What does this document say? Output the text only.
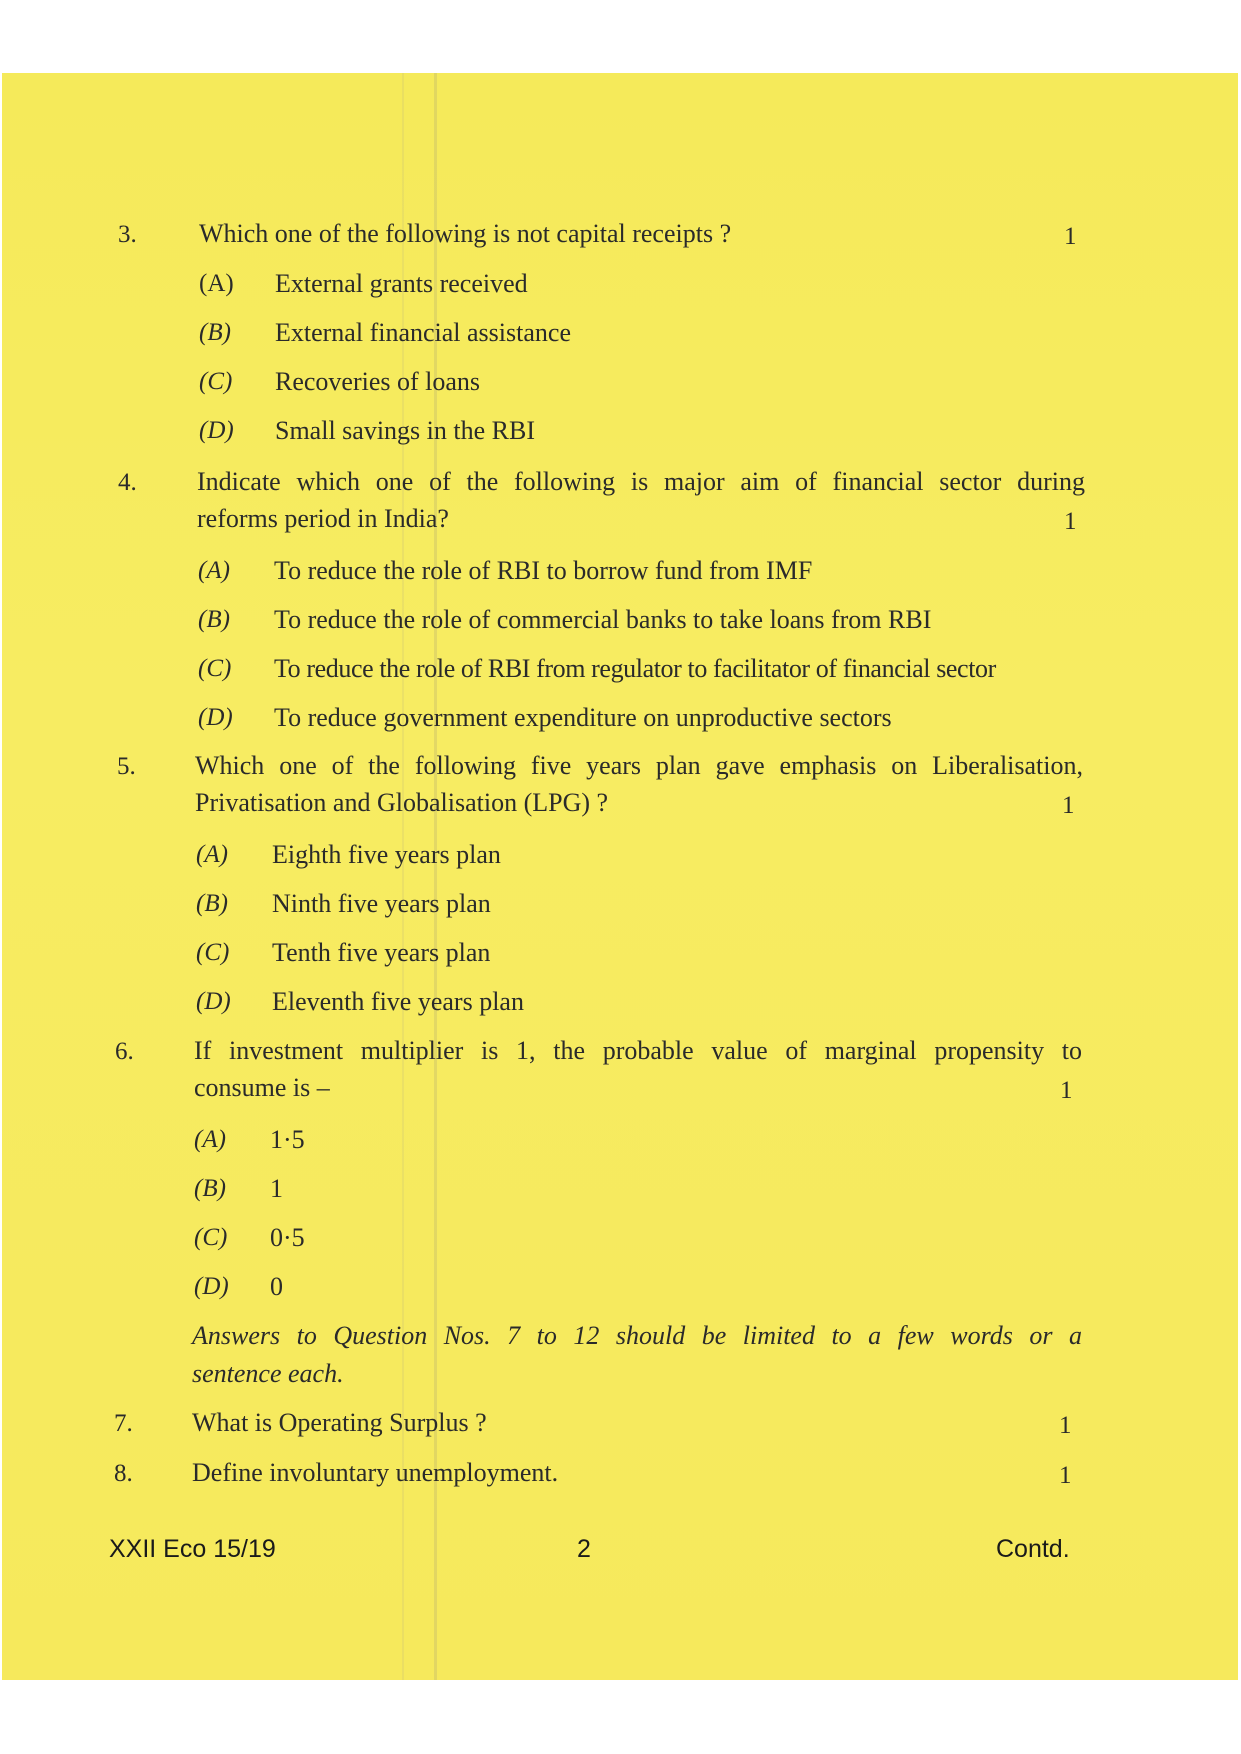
3. Which one of the following is not capital receipts ?	1
(A) External grants received
(B) External financial assistance
(C) Recoveries of loans
(D) Small savings in the RBI
4. Indicate which one of the following is major aim of financial sector during
reforms period in India?	1
(A) To reduce the role of RBI to borrow fund from IMF
(B) To reduce the role of commercial banks to take loans from RBI
(C) To reduce the role of RBI from regulator to facilitator of financial sector
(D) To reduce government expenditure on unproductive sectors
5. Which one of the following five years plan gave emphasis on Liberalisation,
Privatisation and Globalisation (LPG) ?	1
(A) Eighth five years plan
(B) Ninth five years plan
(C) Tenth five years plan
(D) Eleventh five years plan
6. If investment multiplier is 1, the probable value of marginal propensity to
consume is –	1
(A) 1·5
(B) 1
(C) 0·5
(D) 0
Answers to Question Nos. 7 to 12 should be limited to a few words or a
sentence each.
7. What is Operating Surplus ?	1
8. Define involuntary unemployment.	1
XXII Eco 15/19	2	Contd.
